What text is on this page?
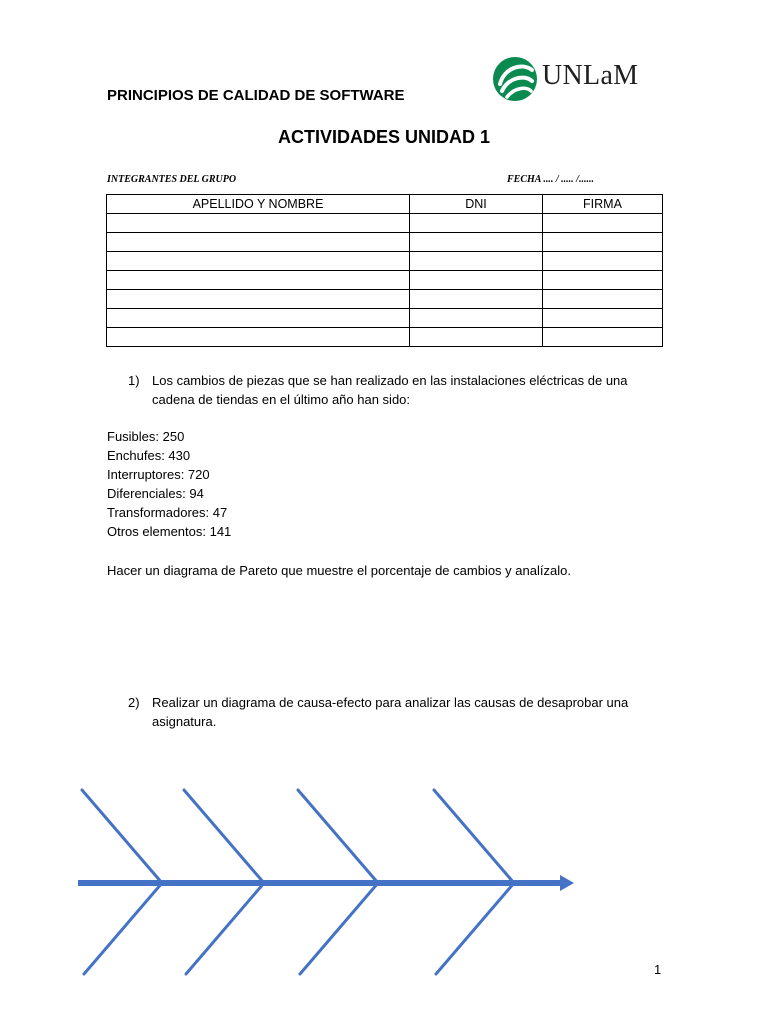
PRINCIPIOS DE CALIDAD DE SOFTWARE
UNLaM
ACTIVIDADES UNIDAD 1
INTEGRANTES DEL GRUPO	FECHA .... / ..... /......
APELLIDO Y NOMBRE	DNI	FIRMA

1) Los cambios de piezas que se han realizado en las instalaciones eléctricas de una cadena de tiendas en el último año han sido:
Fusibles: 250
Enchufes: 430
Interruptores: 720
Diferenciales: 94
Transformadores: 47
Otros elementos: 141
Hacer un diagrama de Pareto que muestre el porcentaje de cambios y analízalo.
2) Realizar un diagrama de causa-efecto para analizar las causas de desaprobar una asignatura.
1
